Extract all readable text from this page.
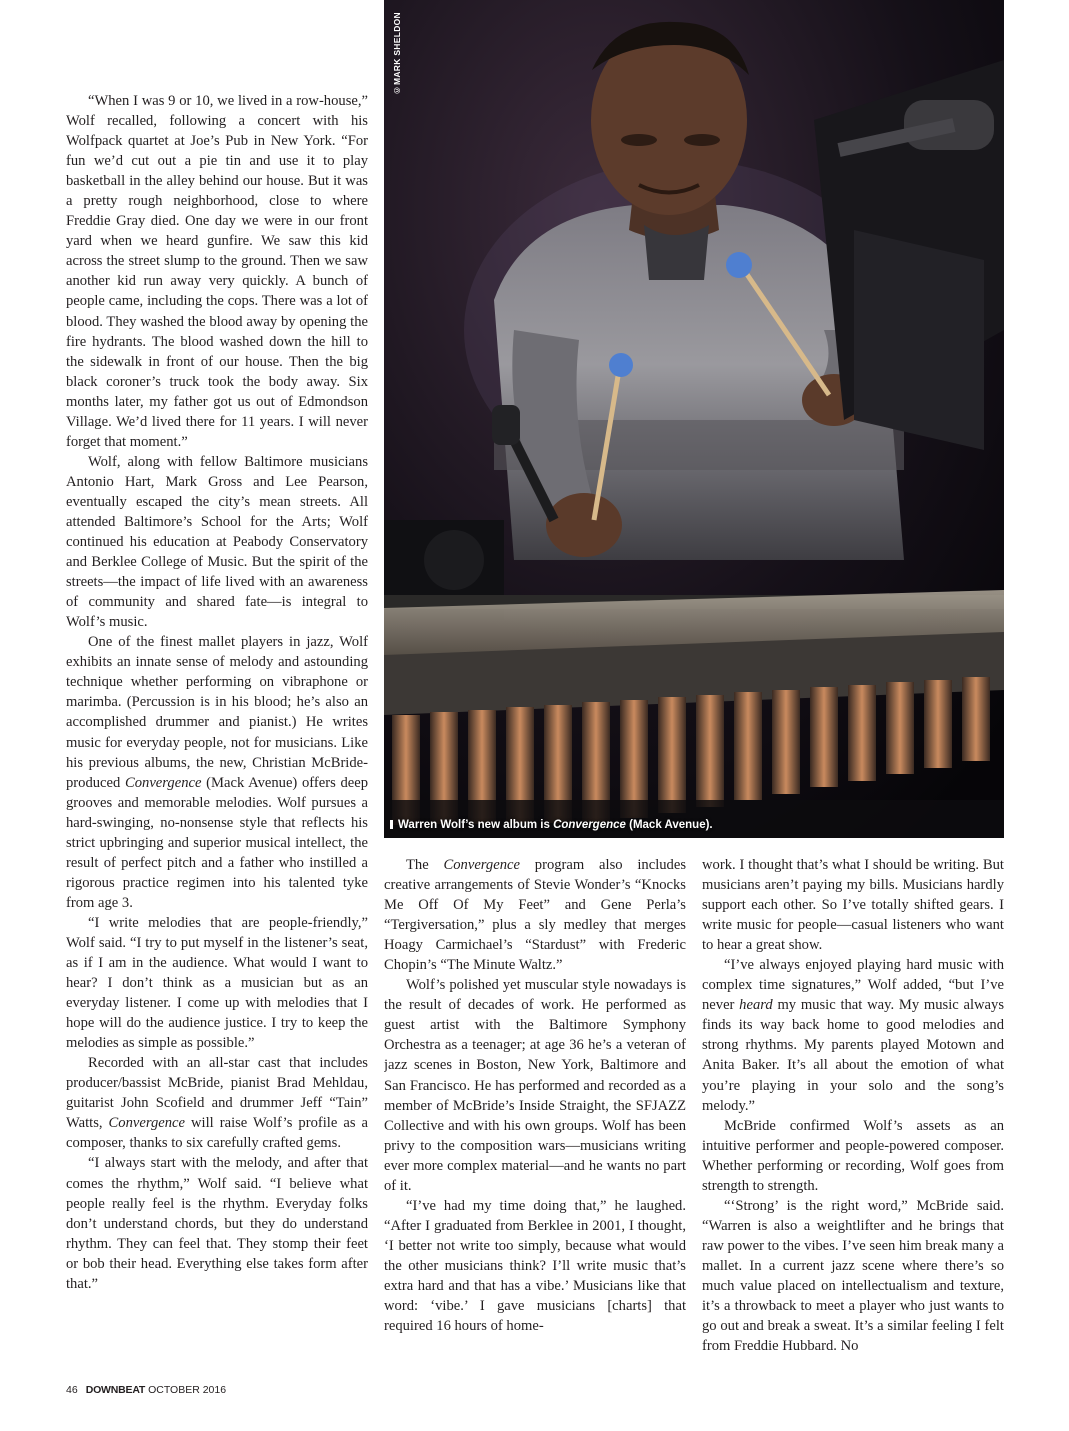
©MARK SHELDON
Warren Wolf’s new album is Convergence (Mack Avenue).

“When I was 9 or 10, we lived in a row-house,” Wolf recalled, following a concert with his Wolfpack quartet at Joe’s Pub in New York. “For fun we’d cut out a pie tin and use it to play basketball in the alley behind our house. But it was a pretty rough neighborhood, close to where Freddie Gray died. One day we were in our front yard when we heard gunfire. We saw this kid across the street slump to the ground. Then we saw another kid run away very quickly. A bunch of people came, including the cops. There was a lot of blood. They washed the blood away by opening the fire hydrants. The blood washed down the hill to the sidewalk in front of our house. Then the big black coroner’s truck took the body away. Six months later, my father got us out of Edmondson Village. We’d lived there for 11 years. I will never forget that moment.”

Wolf, along with fellow Baltimore musicians Antonio Hart, Mark Gross and Lee Pearson, eventually escaped the city’s mean streets. All attended Baltimore’s School for the Arts; Wolf continued his education at Peabody Conservatory and Berklee College of Music. But the spirit of the streets—the impact of life lived with an awareness of community and shared fate—is integral to Wolf’s music.

One of the finest mallet players in jazz, Wolf exhibits an innate sense of melody and astounding technique whether performing on vibraphone or marimba. (Percussion is in his blood; he’s also an accomplished drummer and pianist.) He writes music for everyday people, not for musicians. Like his previous albums, the new, Christian McBride-produced Convergence (Mack Avenue) offers deep grooves and memorable melodies. Wolf pursues a hard-swinging, no-nonsense style that reflects his strict upbringing and superior musical intellect, the result of perfect pitch and a father who instilled a rigorous practice regimen into his talented tyke from age 3.

“I write melodies that are people-friendly,” Wolf said. “I try to put myself in the listener’s seat, as if I am in the audience. What would I want to hear? I don’t think as a musician but as an everyday listener. I come up with melodies that I hope will do the audience justice. I try to keep the melodies as simple as possible.”

Recorded with an all-star cast that includes producer/bassist McBride, pianist Brad Mehldau, guitarist John Scofield and drummer Jeff “Tain” Watts, Convergence will raise Wolf’s profile as a composer, thanks to six carefully crafted gems.

“I always start with the melody, and after that comes the rhythm,” Wolf said. “I believe what people really feel is the rhythm. Everyday folks don’t understand chords, but they do understand rhythm. They can feel that. They stomp their feet or bob their head. Everything else takes form after that.”

The Convergence program also includes creative arrangements of Stevie Wonder’s “Knocks Me Off Of My Feet” and Gene Perla’s “Tergiversation,” plus a sly medley that merges Hoagy Carmichael’s “Stardust” with Frederic Chopin’s “The Minute Waltz.”

Wolf’s polished yet muscular style nowadays is the result of decades of work. He performed as guest artist with the Baltimore Symphony Orchestra as a teenager; at age 36 he’s a veteran of jazz scenes in Boston, New York, Baltimore and San Francisco. He has performed and recorded as a member of McBride’s Inside Straight, the SFJAZZ Collective and with his own groups. Wolf has been privy to the composition wars—musicians writing ever more complex material—and he wants no part of it.

“I’ve had my time doing that,” he laughed. “After I graduated from Berklee in 2001, I thought, ‘I better not write too simply, because what would the other musicians think? I’ll write music that’s extra hard and that has a vibe.’ Musicians like that word: ‘vibe.’ I gave musicians [charts] that required 16 hours of home-

work. I thought that’s what I should be writing. But musicians aren’t paying my bills. Musicians hardly support each other. So I’ve totally shifted gears. I write music for people—casual listeners who want to hear a great show.

“I’ve always enjoyed playing hard music with complex time signatures,” Wolf added, “but I’ve never heard my music that way. My music always finds its way back home to good melodies and strong rhythms. My parents played Motown and Anita Baker. It’s all about the emotion of what you’re playing in your solo and the song’s melody.”

McBride confirmed Wolf’s assets as an intuitive performer and people-powered composer. Whether performing or recording, Wolf goes from strength to strength.

“‘Strong’ is the right word,” McBride said. “Warren is also a weightlifter and he brings that raw power to the vibes. I’ve seen him break many a mallet. In a current jazz scene where there’s so much value placed on intellectualism and texture, it’s a throwback to meet a player who just wants to go out and break a sweat. It’s a similar feeling I felt from Freddie Hubbard. No

46 DOWNBEAT OCTOBER 2016
